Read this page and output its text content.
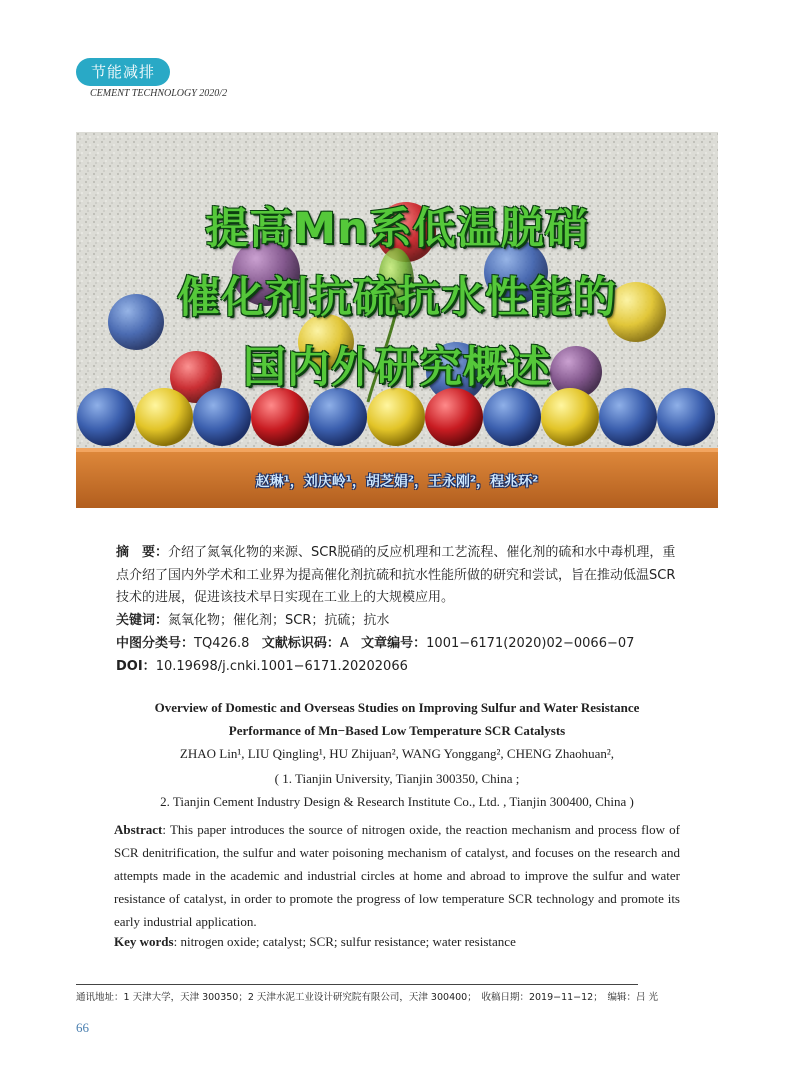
节能减排
CEMENT TECHNOLOGY 2020/2
提高Mn系低温脱硝
催化剂抗硫抗水性能的
国内外研究概述
赵琳¹，刘庆岭¹，胡芝娟²，王永刚²，程兆环²
摘　要：介绍了氮氧化物的来源、SCR脱硝的反应机理和工艺流程、催化剂的硫和水中毒机理，重点介绍了国内外学术和工业界为提高催化剂抗硫和抗水性能所做的研究和尝试，旨在推动低温SCR技术的进展，促进该技术早日实现在工业上的大规模应用。
关键词：氮氧化物；催化剂；SCR；抗硫；抗水
中图分类号：TQ426.8 文献标识码：A 文章编号：1001−6171(2020)02−0066−07
DOI：10.19698/j.cnki.1001−6171.20202066
Overview of Domestic and Overseas Studies on Improving Sulfur and Water Resistance
Performance of Mn−Based Low Temperature SCR Catalysts
ZHAO Lin¹, LIU Qingling¹, HU Zhijuan², WANG Yonggang², CHENG Zhaohuan²,
( 1. Tianjin University, Tianjin 300350, China ;
2. Tianjin Cement Industry Design & Research Institute Co., Ltd. , Tianjin 300400, China )
Abstract: This paper introduces the source of nitrogen oxide, the reaction mechanism and process flow of SCR denitrification, the sulfur and water poisoning mechanism of catalyst, and focuses on the research and attempts made in the academic and industrial circles at home and abroad to improve the sulfur and water resistance of catalyst, in order to promote the progress of low temperature SCR technology and promote its early industrial application.
Key words: nitrogen oxide; catalyst; SCR; sulfur resistance; water resistance
通讯地址：1 天津大学，天津 300350；2 天津水泥工业设计研究院有限公司，天津 300400；　收稿日期：2019−11−12；　编辑：吕 光
66
